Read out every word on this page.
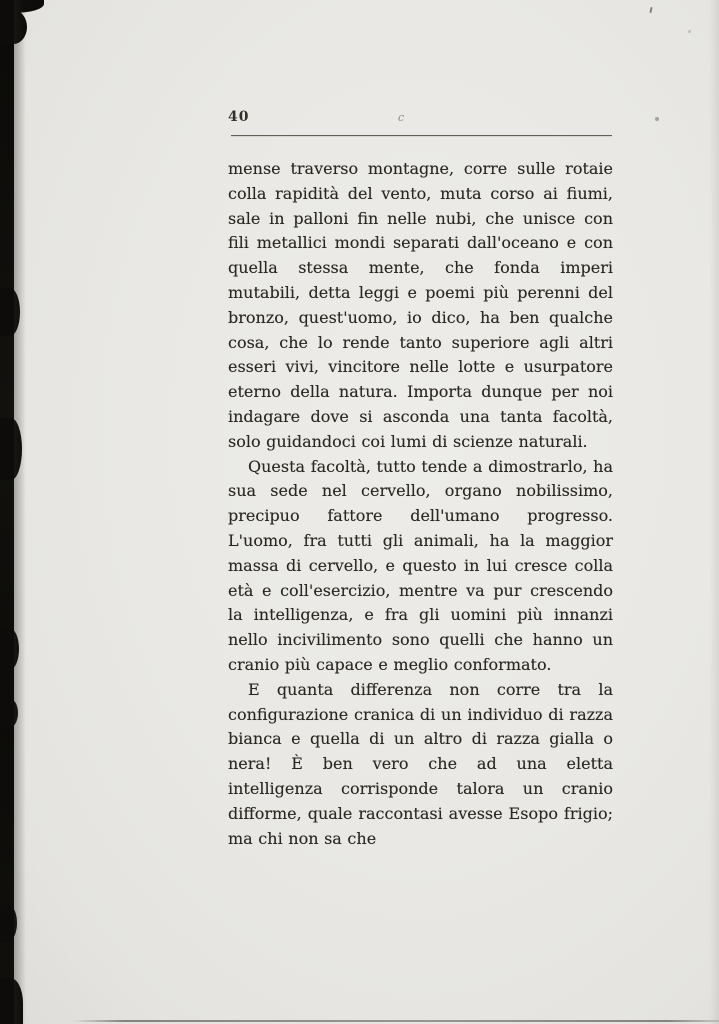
40	c

mense traverso montagne, corre sulle rotaie colla rapidità del vento, muta corso ai fiumi, sale in palloni fin nelle nubi, che unisce con fili metallici mondi separati dall'oceano e con quella stessa mente, che fonda imperi mutabili, detta leggi e poemi più perenni del bronzo, quest'uomo, io dico, ha ben qualche cosa, che lo rende tanto superiore agli altri esseri vivi, vincitore nelle lotte e usurpatore eterno della natura. Importa dunque per noi indagare dove si asconda una tanta facoltà, solo guidandoci coi lumi di scienze naturali.

Questa facoltà, tutto tende a dimostrarlo, ha sua sede nel cervello, organo nobilissimo, precipuo fattore dell'umano progresso. L'uomo, fra tutti gli animali, ha la maggior massa di cervello, e questo in lui cresce colla età e coll'esercizio, mentre va pur crescendo la intelligenza, e fra gli uomini più innanzi nello incivilimento sono quelli che hanno un cranio più capace e meglio conformato.

E quanta differenza non corre tra la configurazione cranica di un individuo di razza bianca e quella di un altro di razza gialla o nera! È ben vero che ad una eletta intelligenza corrisponde talora un cranio difforme, quale raccontasi avesse Esopo frigio; ma chi non sa che
